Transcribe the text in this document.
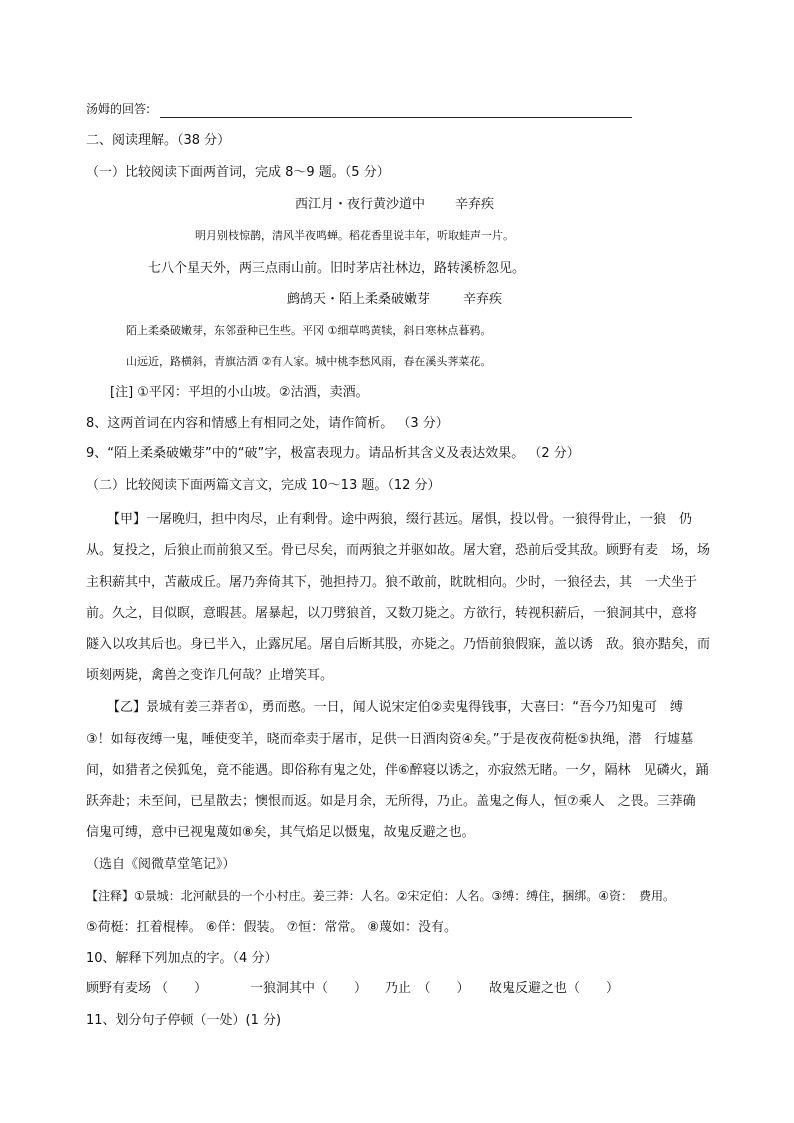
汤姆的回答:
二、阅读理解。（38 分）
（一）比较阅读下面两首词，完成 8～9 题。（5 分）
西江月・夜行黄沙道中 辛弃疾
明月别枝惊鹊，清风半夜鸣蝉。稻花香里说丰年，听取蛙声一片。
七八个星天外，两三点雨山前。旧时茅店社林边，路转溪桥忽见。
鹧鸪天・陌上柔桑破嫩芽	辛弃疾
陌上柔桑破嫩芽，东邻蚕种已生些。平冈 ①细草鸣黄犊，斜日寒林点暮鸦。
山远近，路横斜，青旗沽酒 ②有人家。城中桃李愁风雨，春在溪头荠菜花。
[注] ①平冈：平坦的小山坡。②沽酒，卖酒。
8、这两首词在内容和情感上有相同之处，请作简析。 （3 分）
9、“陌上柔桑破嫩芽”中的“破”字，极富表现力。请品析其含义及表达效果。 （2 分）
（二）比较阅读下面两篇文言文，完成 10～13 题。（12 分）
【甲】一屠晚归，担中肉尽，止有剩骨。途中两狼，缀行甚远。屠惧，投以骨。一狼得骨止，一狼　仍
从。复投之，后狼止而前狼又至。骨已尽矣，而两狼之并驱如故。屠大窘，恐前后受其敌。顾野有麦　场，场
主积薪其中，苫蔽成丘。屠乃奔倚其下，弛担持刀。狼不敢前，眈眈相向。少时，一狼径去，其　一犬坐于
前。久之，目似瞑，意暇甚。屠暴起，以刀劈狼首，又数刀毙之。方欲行，转视积薪后，一狼洞其中，意将
隧入以攻其后也。身已半入，止露尻尾。屠自后断其股，亦毙之。乃悟前狼假寐，盖以诱　敌。狼亦黠矣，而
顷刻两毙，禽兽之变诈几何哉？止增笑耳。
【乙】景城有姜三莽者①，勇而憨。一日，闻人说宋定伯②卖鬼得钱事，大喜曰：“吾今乃知鬼可　缚
③！如每夜缚一鬼，唾使变羊，晓而牵卖于屠市，足供一日酒肉资④矣。”于是夜夜荷梃⑤执绳，潜　行墟墓
间，如猎者之侯狐兔，竟不能遇。即俗称有鬼之处，伴⑥醉寝以诱之，亦寂然无睹。一夕，隔林　见磷火，踊
跃奔赴；未至间，已星散去；懊恨而返。如是月余，无所得，乃止。盖鬼之侮人，恒⑦乘人　之畏。三莽确
信鬼可缚，意中已视鬼蔑如⑧矣，其气焰足以慑鬼，故鬼反避之也。
（选自《阅微草堂笔记》）
【注释】①景城：北河献县的一个小村庄。姜三莽：人名。②宋定伯：人名。③缚：缚住，捆绑。④资：　费用。
⑤荷梃：扛着棍棒。 ⑥佯：假装。 ⑦恒：常常。 ⑧蔑如：没有。
10、解释下列加点的字。（4 分）
顾野有麦场 （　　）	一狼洞其中（　　） 乃止　（　　） 故鬼反避之也（　　）
11、划分句子停顿（一处）(1 分)
